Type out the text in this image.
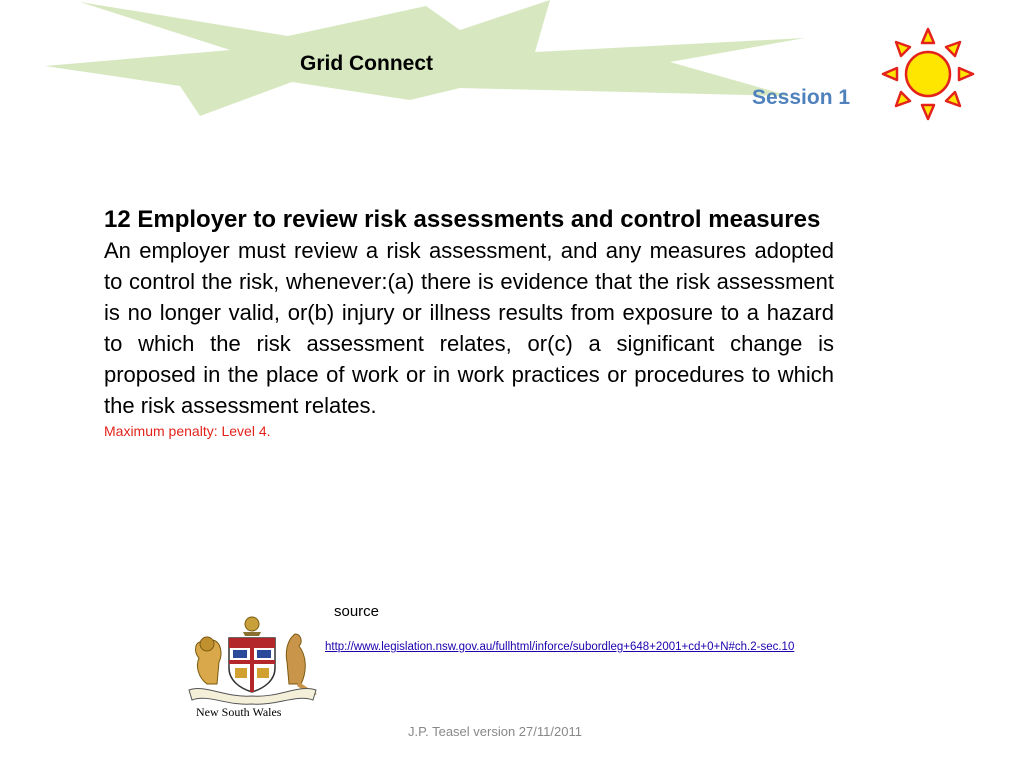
Grid Connect
Session 1

12 Employer to review risk assessments and control measures

An employer must review a risk assessment, and any measures adopted to control the risk, whenever:(a) there is evidence that the risk assessment is no longer valid, or(b) injury or illness results from exposure to a hazard to which the risk assessment relates, or(c) a significant change is proposed in the place of work or in work practices or procedures to which the risk assessment relates.

Maximum penalty: Level 4.

source
http://www.legislation.nsw.gov.au/fullhtml/inforce/subordleg+648+2001+cd+0+N#ch.2-sec.10
New South Wales
J.P. Teasel version 27/11/2011
